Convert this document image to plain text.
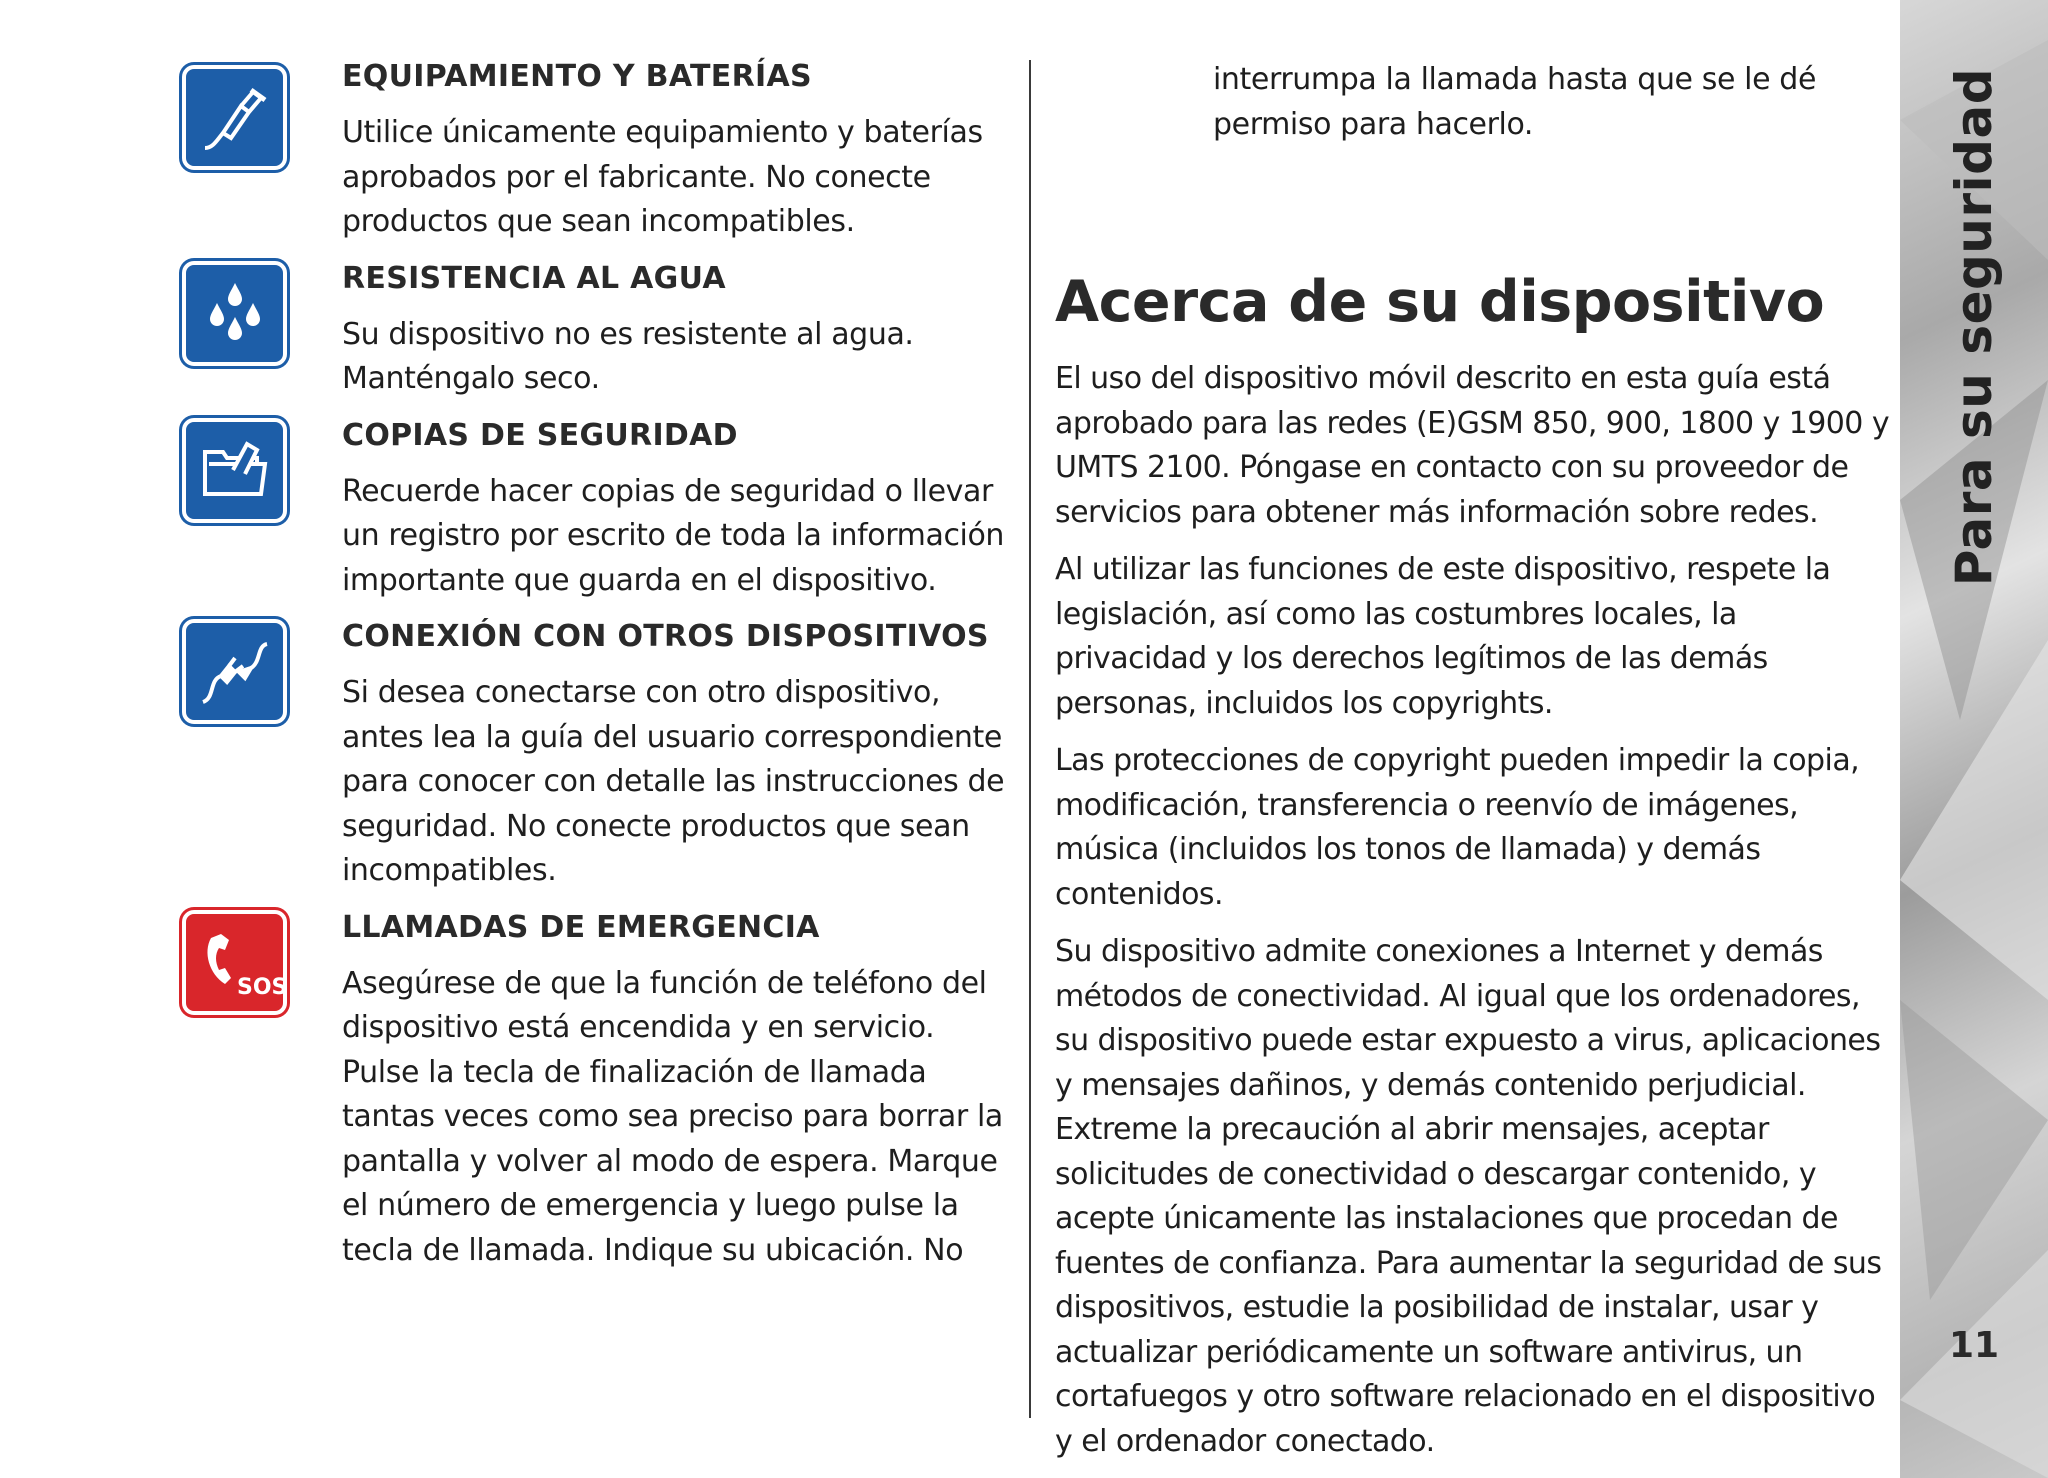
EQUIPAMIENTO Y BATERÍAS

Utilice únicamente equipamiento y baterías aprobados por el fabricante. No conecte productos que sean incompatibles.

RESISTENCIA AL AGUA

Su dispositivo no es resistente al agua. Manténgalo seco.

COPIAS DE SEGURIDAD

Recuerde hacer copias de seguridad o llevar un registro por escrito de toda la información importante que guarda en el dispositivo.

CONEXIÓN CON OTROS DISPOSITIVOS

Si desea conectarse con otro dispositivo, antes lea la guía del usuario correspondiente para conocer con detalle las instrucciones de seguridad. No conecte productos que sean incompatibles.

SOS

LLAMADAS DE EMERGENCIA

Asegúrese de que la función de teléfono del dispositivo está encendida y en servicio. Pulse la tecla de finalización de llamada tantas veces como sea preciso para borrar la pantalla y volver al modo de espera. Marque el número de emergencia y luego pulse la tecla de llamada. Indique su ubicación. No

interrumpa la llamada hasta que se le dé permiso para hacerlo.

Acerca de su dispositivo

El uso del dispositivo móvil descrito en esta guía está aprobado para las redes (E)GSM 850, 900, 1800 y 1900 y UMTS 2100. Póngase en contacto con su proveedor de servicios para obtener más información sobre redes.

Al utilizar las funciones de este dispositivo, respete la legislación, así como las costumbres locales, la privacidad y los derechos legítimos de las demás personas, incluidos los copyrights.

Las protecciones de copyright pueden impedir la copia, modificación, transferencia o reenvío de imágenes, música (incluidos los tonos de llamada) y demás contenidos.

Su dispositivo admite conexiones a Internet y demás métodos de conectividad. Al igual que los ordenadores, su dispositivo puede estar expuesto a virus, aplicaciones y mensajes dañinos, y demás contenido perjudicial. Extreme la precaución al abrir mensajes, aceptar solicitudes de conectividad o descargar contenido, y acepte únicamente las instalaciones que procedan de fuentes de confianza. Para aumentar la seguridad de sus dispositivos, estudie la posibilidad de instalar, usar y actualizar periódicamente un software antivirus, un cortafuegos y otro software relacionado en el dispositivo y el ordenador conectado.

Para su seguridad
11
